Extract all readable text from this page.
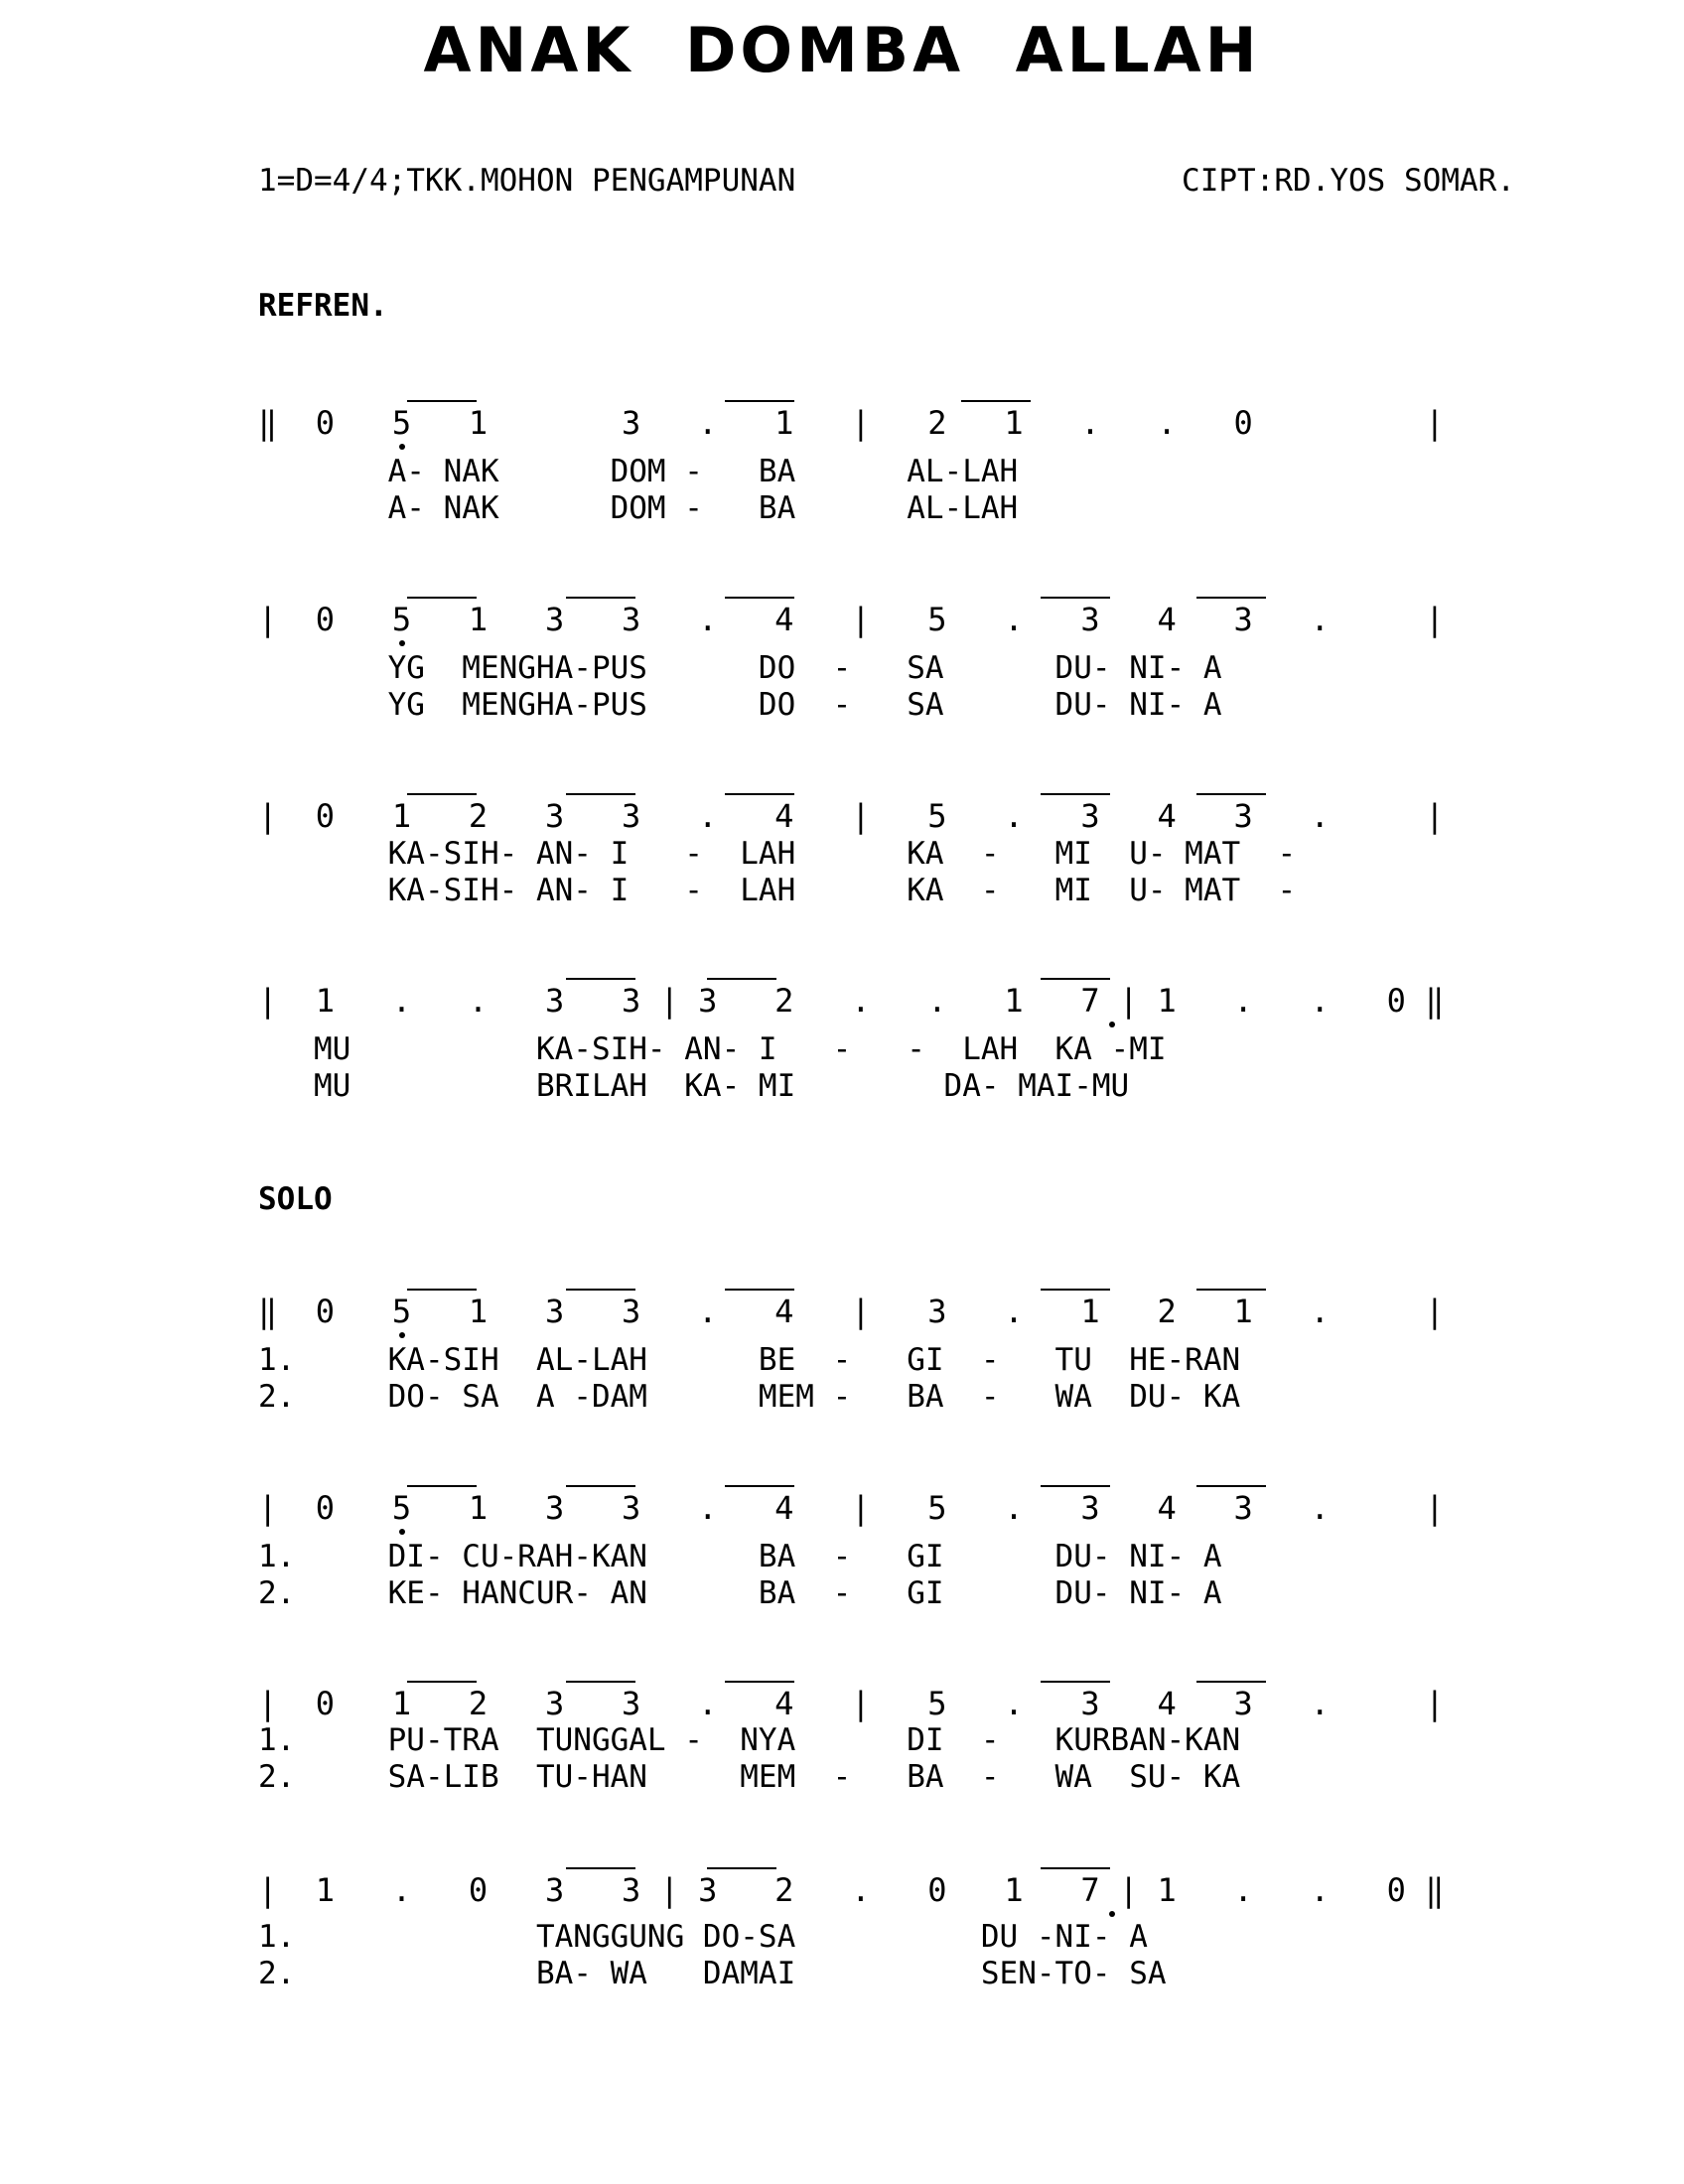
ANAK DOMBA ALLAH
1=D=4/4;TKK.MOHON PENGAMPUNAN	CIPT:RD.YOS SOMAR.
REFREN.
‖  0   5   1       3   .   1   |   2   1   .   .   0         |
A- NAK      DOM -   BA      AL-LAH
A- NAK      DOM -   BA      AL-LAH
|  0   5   1   3   3   .   4   |   5   .   3   4   3   .     |
YG  MENGHA-PUS      DO  -   SA      DU- NI- A
YG  MENGHA-PUS      DO  -   SA      DU- NI- A
|  0   1   2   3   3   .   4   |   5   .   3   4   3   .     |
KA-SIH- AN- I   -  LAH      KA  -   MI  U- MAT  -
KA-SIH- AN- I   -  LAH      KA  -   MI  U- MAT  -
|  1   .   .   3   3 | 3   2   .   .   1   7 | 1   .   .   0 ‖
MU          KA-SIH- AN- I   -   -  LAH  KA -MI
MU          BRILAH  KA- MI        DA- MAI-MU
SOLO
‖  0   5   1   3   3   .   4   |   3   .   1   2   1   .     |
1.     KA-SIH  AL-LAH      BE  -   GI  -   TU  HE-RAN
2.     DO- SA  A -DAM      MEM -   BA  -   WA  DU- KA
|  0   5   1   3   3   .   4   |   5   .   3   4   3   .     |
1.     DI- CU-RAH-KAN      BA  -   GI      DU- NI- A
2.     KE- HANCUR- AN      BA  -   GI      DU- NI- A
|  0   1   2   3   3   .   4   |   5   .   3   4   3   .     |
1.     PU-TRA  TUNGGAL -  NYA      DI  -   KURBAN-KAN
2.     SA-LIB  TU-HAN     MEM  -   BA  -   WA  SU- KA
|  1   .   0   3   3 | 3   2   .   0   1   7 | 1   .   .   0 ‖
1.             TANGGUNG DO-SA          DU -NI- A
2.             BA- WA   DAMAI          SEN-TO- SA
